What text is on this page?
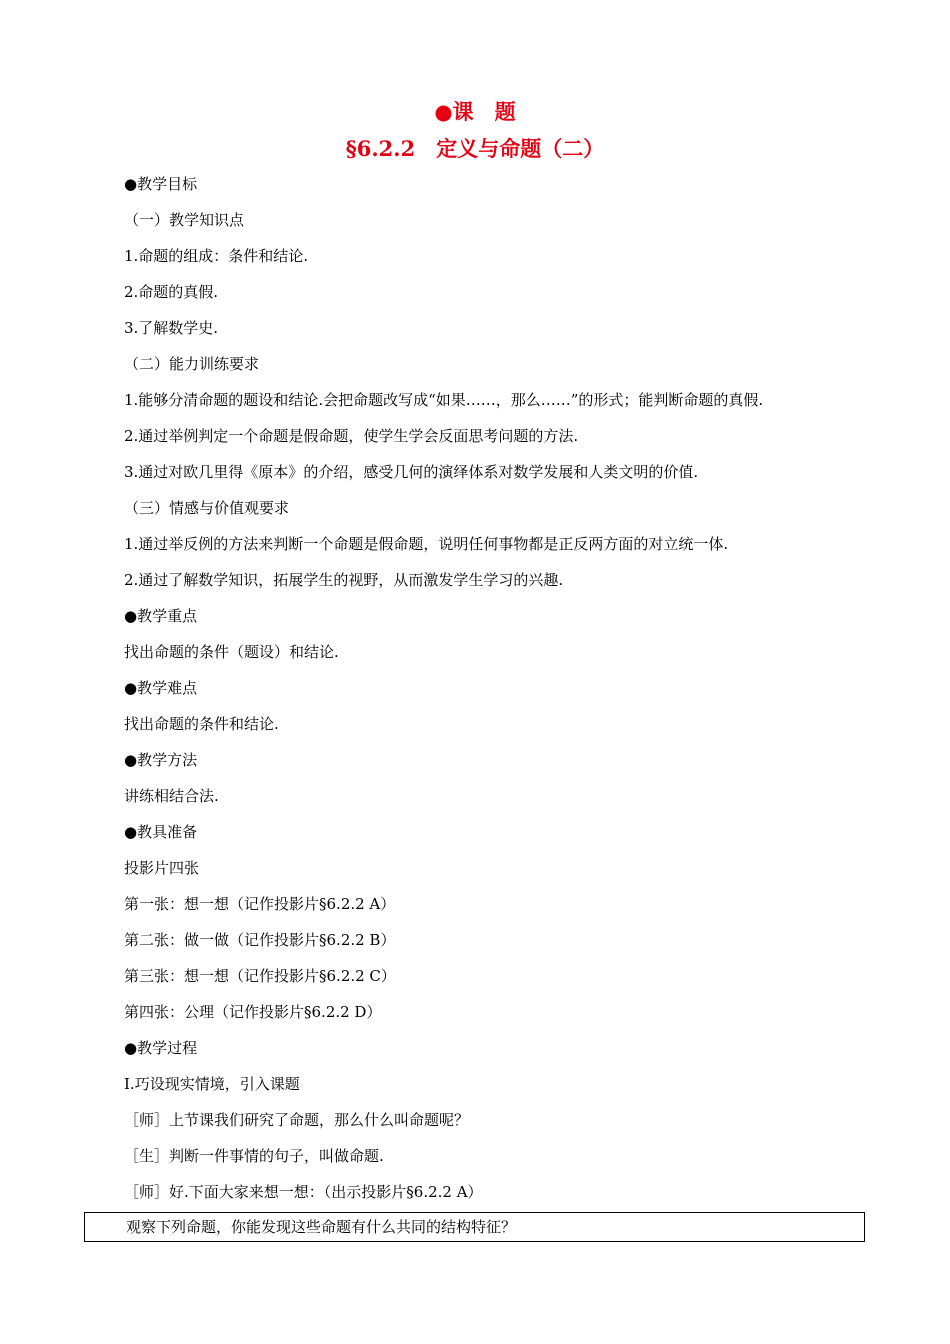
●课　题
§6.2.2　定义与命题（二）
●教学目标
（一）教学知识点
1.命题的组成：条件和结论.
2.命题的真假.
3.了解数学史.
（二）能力训练要求
1.能够分清命题的题设和结论.会把命题改写成“如果……，那么……”的形式；能判断命题的真假.
2.通过举例判定一个命题是假命题，使学生学会反面思考问题的方法.
3.通过对欧几里得《原本》的介绍，感受几何的演绎体系对数学发展和人类文明的价值.
（三）情感与价值观要求
1.通过举反例的方法来判断一个命题是假命题，说明任何事物都是正反两方面的对立统一体.
2.通过了解数学知识，拓展学生的视野，从而激发学生学习的兴趣.
●教学重点
找出命题的条件（题设）和结论.
●教学难点
找出命题的条件和结论.
●教学方法
讲练相结合法.
●教具准备
投影片四张
第一张：想一想（记作投影片§6.2.2 A）
第二张：做一做（记作投影片§6.2.2 B）
第三张：想一想（记作投影片§6.2.2 C）
第四张：公理（记作投影片§6.2.2 D）
●教学过程
Ⅰ.巧设现实情境，引入课题
［师］上节课我们研究了命题，那么什么叫命题呢？
［生］判断一件事情的句子，叫做命题.
［师］好.下面大家来想一想：（出示投影片§6.2.2 A）
观察下列命题，你能发现这些命题有什么共同的结构特征？
